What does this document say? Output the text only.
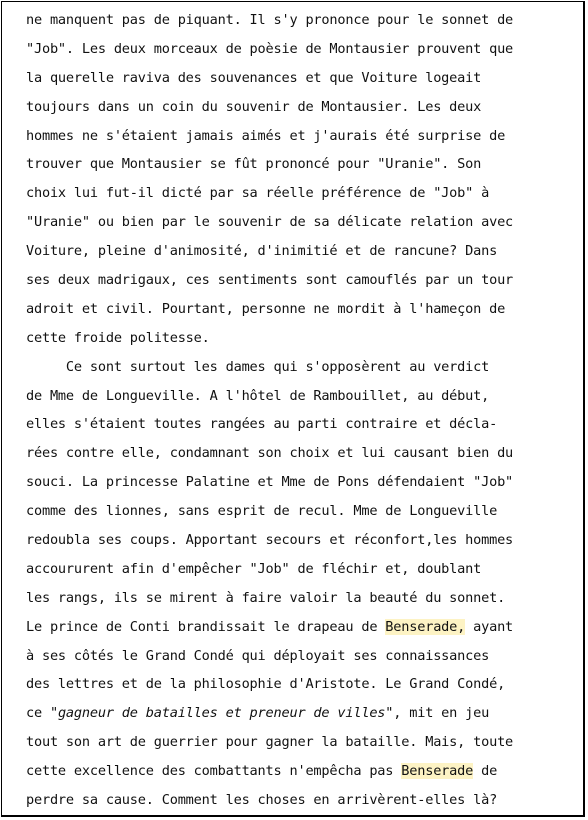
ne manquent pas de piquant. Il s'y prononce pour le sonnet de
"Job". Les deux morceaux de poèsie de Montausier prouvent que
la querelle raviva des souvenances et que Voiture logeait
toujours dans un coin du souvenir de Montausier. Les deux
hommes ne s'étaient jamais aimés et j'aurais été surprise de
trouver que Montausier se fût prononcé pour "Uranie". Son
choix lui fut-il dicté par sa réelle préférence de "Job" à
"Uranie" ou bien par le souvenir de sa délicate relation avec
Voiture, pleine d'animosité, d'inimitié et de rancune? Dans
ses deux madrigaux, ces sentiments sont camouflés par un tour
adroit et civil. Pourtant, personne ne mordit à l'hameçon de
cette froide politesse.
Ce sont surtout les dames qui s'opposèrent au verdict
de Mme de Longueville. A l'hôtel de Rambouillet, au début,
elles s'étaient toutes rangées au parti contraire et décla-
rées contre elle, condamnant son choix et lui causant bien du
souci. La princesse Palatine et Mme de Pons défendaient "Job"
comme des lionnes, sans esprit de recul. Mme de Longueville
redoubla ses coups. Apportant secours et réconfort,les hommes
accoururent afin d'empêcher "Job" de fléchir et, doublant
les rangs, ils se mirent à faire valoir la beauté du sonnet.
Le prince de Conti brandissait le drapeau de Benserade, ayant
à ses côtés le Grand Condé qui déployait ses connaissances
des lettres et de la philosophie d'Aristote. Le Grand Condé,
ce "gagneur de batailles et preneur de villes", mit en jeu
tout son art de guerrier pour gagner la bataille. Mais, toute
cette excellence des combattants n'empêcha pas Benserade de
perdre sa cause. Comment les choses en arrivèrent-elles là?
